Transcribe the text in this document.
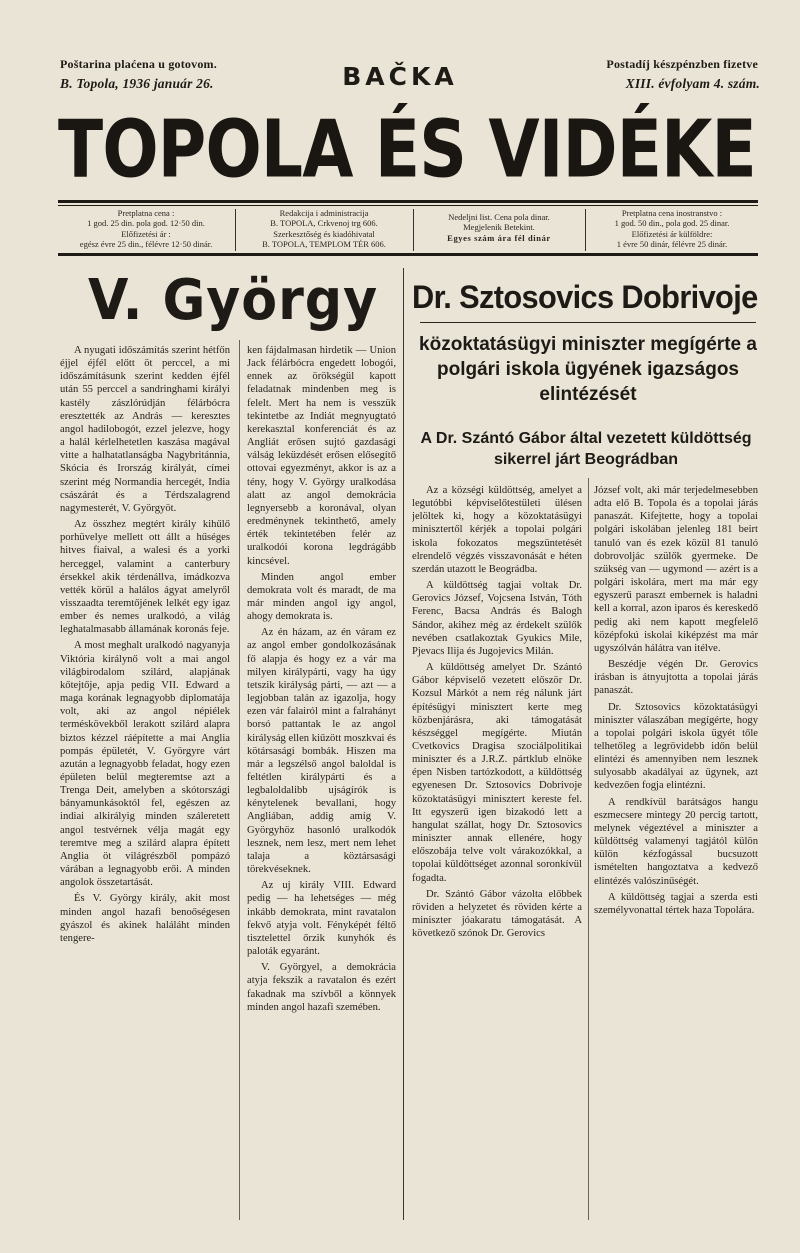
Poštarina plaćena u gotovom.
B. Topola, 1936 január 26.
Postadíj készpénzben fizetve
XIII. évfolyam 4. szám.
BAČKA
TOPOLA ÉS VIDÉKE
Pretplatna cena :
1 god. 25 din. pola god. 12·50 din.
Előfizetési ár :
egész évre 25 din., félévre 12·50 dinár.
Redakcija i administracija
B. TOPOLA, Crkvenoj trg 606.
Szerkesztőség és kiadóhivatal
B. TOPOLA, TEMPLOM TÉR 606.
Nedeljni list. Cena pola dinar.
Megjelenik Betekint.
Egyes szám ára fél dinár
Pretplatna cena inostranstvo :
1 god. 50 din., pola god. 25 dinar.
Előfizetési ár külföldre:
1 évre 50 dinár, félévre 25 dinár.
V. György Dr. Sztosovics Dobrivoje
közoktatásügyi miniszter megígérte a polgári iskola ügyének igazságos elintézését
A Dr. Szántó Gábor által vezetett küldöttség sikerrel járt Beográdban

A nyugati időszámítás szerint hétfőn éjjel éjfél előtt öt perccel, a mi időszámításunk szerint kedden éjfél után 55 perccel a sandringhami királyi kastély zászlórúdján félárbócra eresztették az András — keresztes angol hadilobogót, ezzel jelezve, hogy a halál kérlelhetetlen kaszása magával vitte a halhatatlanságba Nagybritánnia, Skócia és Irország királyát, címei szerint még Normandia hercegét, India császárát és a Térdszalagrend nagymesterét, V. Györgyöt.

Az összhez megtért király kihűlő porhüvelye mellett ott állt a hűséges hitves fiaival, a walesi és a yorki herceggel, valamint a canterbury érsekkel akik térdenállva, imádkozva vették körül a halálos ágyat amelyről visszaadta teremtőjének lelkét egy igaz ember és nemes uralkodó, a világ leghatalmasabb államának koronás feje.

A most meghalt uralkodó nagyanyja Viktória királynő volt a mai angol világbirodalom szilárd, alapjának kőtejtője, apja pedig VII. Edward a maga korának legnagyobb diplomatája volt, aki az angol népiélek terméskövekből lerakott szilárd alapra biztos kézzel ráépítette a mai Anglia pompás épületét, V. Györgyre várt azután a legnagyobb feladat, hogy ezen épületen belül megteremtse azt a Trenga Deit, amelyben a skótországi bányamunkásoktól fel, egészen az indiai alkirályig minden száleretett angol testvérnek vélja magát egy teremtve meg a szilárd alapra épített Anglia öt világrészből pompázó várában a legnagyobb erői. A minden angolok összetartását.

És V. György király, akit most minden angol hazafi benoőségesen gyászol és akinek haláláht minden tengere-

ken fájdalmasan hirdetik — Union Jack félárbócra engedett lobogói, ennek az örökségül kapott feladatnak mindenben meg is felelt. Mert ha nem is vesszük tekintetbe az Indiát megnyugtató kerekasztal konferenciát és az Angliát erősen sujtó gazdasági válság leküzdését erősen elősegítő ottovai egyezményt, akkor is az a tény, hogy V. György uralkodása alatt az angol demokrácia legnyersebb a koronával, olyan eredménynek tekinthető, amely érték tekintetében felér az uralkodói korona legdrágább kincsével.

Minden angol ember demokrata volt és maradt, de ma már minden angol igy angol, ahogy demokrata is.

Az én házam, az én váram ez az angol ember gondolkozásának fő alapja és hogy ez a vár ma milyen királypárti, vagy ha úgy tetszik királyság párti, — azt — a legjobban talán az igazolja, hogy ezen vár falairól mint a falrahányt borsó pattantak le az angol királyság ellen kiűzött moszkvai és kötársasági bombák. Hiszen ma már a legszélső angol baloldal is feltétlen királypárti és a legbaloldalibb ujságírók is kénytelenek bevallani, hogy Angliában, addig amíg V. Györgyhöz hasonló uralkodók lesznek, nem lesz, mert nem lehet talaja a köztársasági törekvéseknek.

Az uj király VIII. Edward pedig — ha lehetséges — még inkább demokrata, mint ravatalon fekvő atyja volt. Fényképét féltő tisztelettel őrzik kunyhók és paloták egyaránt.

V. Györgyel, a demokrácia atyja fekszik a ravatalon és ezért fakadnak ma szívből a könnyek minden angol hazafi szemében.

Az a községi küldöttség, amelyet a legutóbbi képviselőtestületi ülésen jelöltek ki, hogy a közoktatásügyi minisztertől kérjék a topolai polgári iskola fokozatos megszüntetését elrendelő végzés visszavonását e héten szerdán utazott le Beográdba.

A küldöttség tagjai voltak Dr. Gerovics József, Vojcsena István, Tóth Ferenc, Bacsa András és Balogh Sándor, akihez még az érdekelt szülők nevében csatlakoztak Gyukics Mile, Pjevacs Ilija és Jugojevics Milán.

A küldöttség amelyet Dr. Szántó Gábor képviselő vezetett először Dr. Kozsul Márkót a nem rég nálunk járt építésügyi minisztert kerte meg közbenjárásra, aki támogatását készséggel megígérte. Miután Cvetkovics Dragisa szociálpolitikai miniszter és a J.R.Z. pártklub elnöke épen Nisben tartózkodott, a küldöttség egyenesen Dr. Sztosovics Dobrivoje közoktatásügyi minisztert kereste fel. Itt egyszerű igen bizakodó lett a hangulat szállat, hogy Dr. Sztosovics miniszter annak ellenére, hogy előszobája telve volt várakozókkal, a topolai küldöttséget azonnal soronkívül fogadta.

Dr. Szántó Gábor vázolta előbbek röviden a helyzetet és röviden kérte a miniszter jóakaratu támogatását. A következő szónok Dr. Gerovics

József volt, aki már terjedelmesebben adta elő B. Topola és a topolai járás panaszát. Kifejtette, hogy a topolai polgári iskolában jelenleg 181 beirt tanuló van és ezek közül 81 tanuló dobrovoljác szülők gyermeke. De szükség van — ugymond — azért is a polgári iskolára, mert ma már egy egyszerű paraszt embernek is haladni kell a korral, azon iparos és kereskedő pedig aki nem kapott megfelelő középfokú iskolai kiképzést ma már ugyszólván hálátra van itélve.

Beszédje végén Dr. Gerovics írásban is átnyujtotta a topolai járás panaszát.

Dr. Sztosovics közoktatásügyi miniszter válaszában megígérte, hogy a topolai polgári iskola ügyét tőle telhetőleg a legrövidebb időn belül elintézi és amennyiben nem lesznek sulyosabb akadályai az ügynek, azt kedvezően fogja elintézni.

A rendkívül barátságos hangu eszmecsere mintegy 20 percig tartott, melynek végeztével a miniszter a küldöttség valamenyi tagjától külön külön kézfogással bucsuzott ismételten hangoztatva a kedvező elintézés valószinűségét.

A küldöttség tagjai a szerda esti személyvonattal tértek haza Topolára.
